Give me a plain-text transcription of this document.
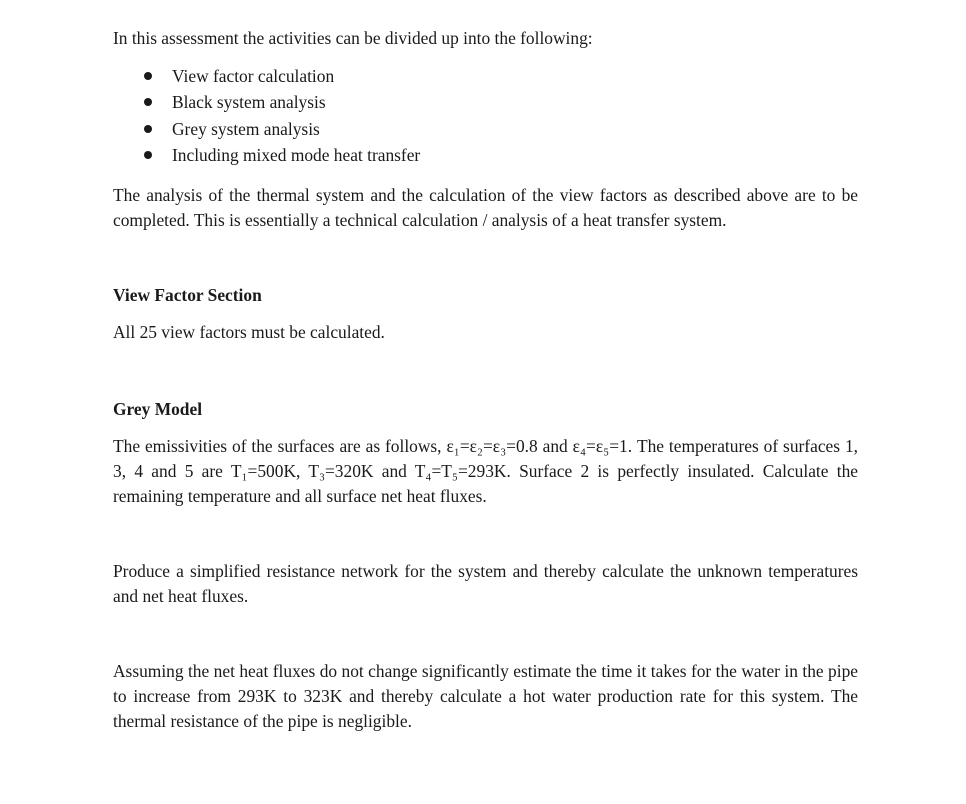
In this assessment the activities can be divided up into the following:

View factor calculation
Black system analysis
Grey system analysis
Including mixed mode heat transfer

The analysis of the thermal system and the calculation of the view factors as described above are to be completed. This is essentially a technical calculation / analysis of a heat transfer system.

View Factor Section

All 25 view factors must be calculated.

Grey Model

The emissivities of the surfaces are as follows, ε₁=ε₂=ε₃=0.8 and ε₄=ε₅=1. The temperatures of surfaces 1, 3, 4 and 5 are T₁=500K, T₃=320K and T₄=T₅=293K. Surface 2 is perfectly insulated. Calculate the remaining temperature and all surface net heat fluxes.

Produce a simplified resistance network for the system and thereby calculate the unknown temperatures and net heat fluxes.

Assuming the net heat fluxes do not change significantly estimate the time it takes for the water in the pipe to increase from 293K to 323K and thereby calculate a hot water production rate for this system. The thermal resistance of the pipe is negligible.
